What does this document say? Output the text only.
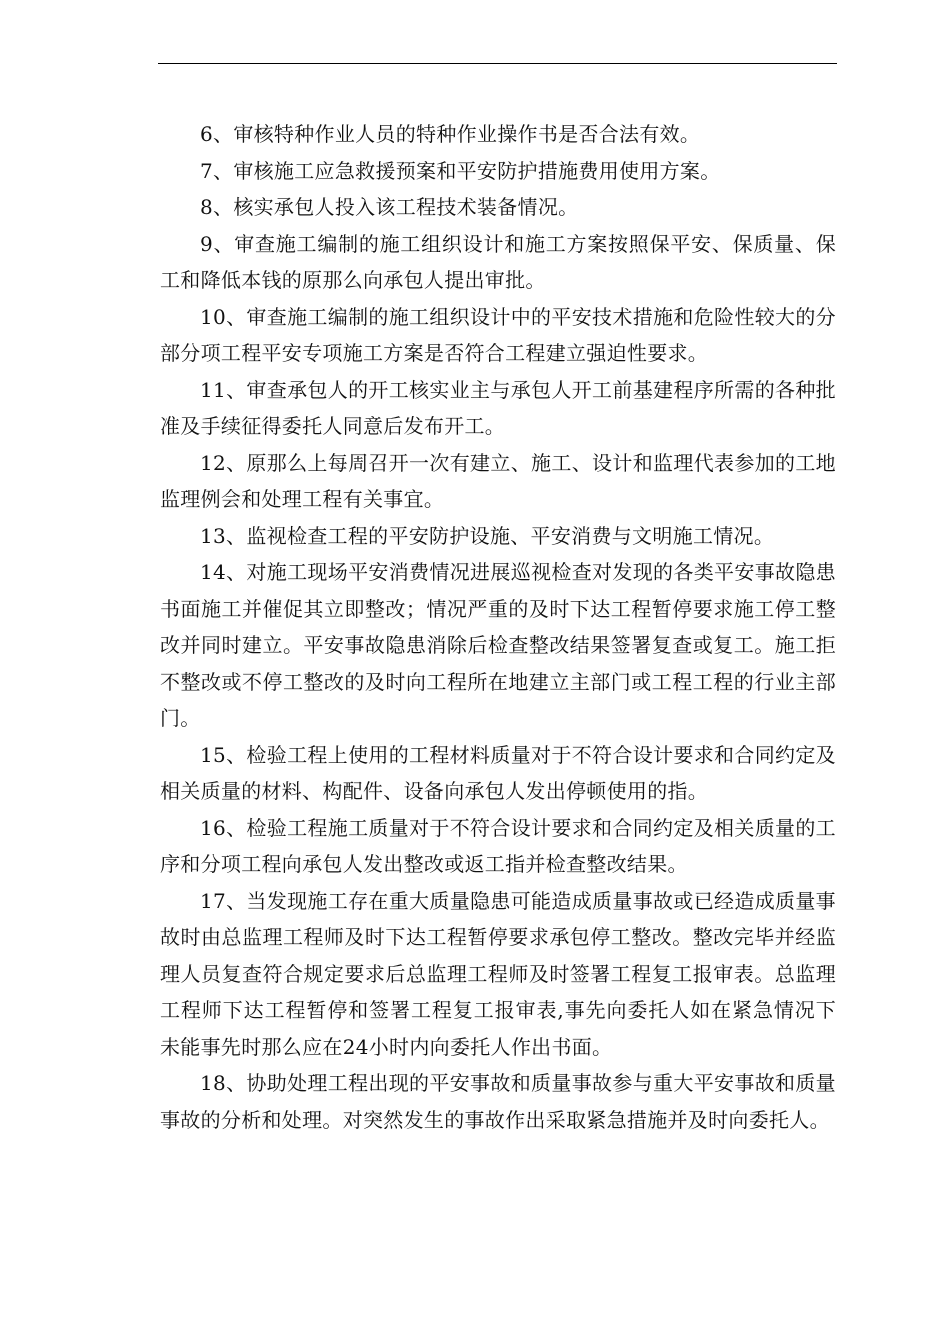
6、审核特种作业人员的特种作业操作书是否合法有效。

7、审核施工应急救援预案和平安防护措施费用使用方案。

8、核实承包人投入该工程技术装备情况。

9、审查施工编制的施工组织设计和施工方案按照保平安、保质量、保工和降低本钱的原那么向承包人提出审批。

10、审查施工编制的施工组织设计中的平安技术措施和危险性较大的分部分项工程平安专项施工方案是否符合工程建立强迫性要求。

11、审查承包人的开工核实业主与承包人开工前基建程序所需的各种批准及手续征得委托人同意后发布开工。

12、原那么上每周召开一次有建立、施工、设计和监理代表参加的工地监理例会和处理工程有关事宜。

13、监视检查工程的平安防护设施、平安消费与文明施工情况。

14、对施工现场平安消费情况进展巡视检查对发现的各类平安事故隐患书面施工并催促其立即整改；情况严重的及时下达工程暂停要求施工停工整改并同时建立。平安事故隐患消除后检查整改结果签署复查或复工。施工拒不整改或不停工整改的及时向工程所在地建立主部门或工程工程的行业主部门。

15、检验工程上使用的工程材料质量对于不符合设计要求和合同约定及相关质量的材料、构配件、设备向承包人发出停顿使用的指。

16、检验工程施工质量对于不符合设计要求和合同约定及相关质量的工序和分项工程向承包人发出整改或返工指并检查整改结果。

17、当发现施工存在重大质量隐患可能造成质量事故或已经造成质量事故时由总监理工程师及时下达工程暂停要求承包停工整改。整改完毕并经监理人员复查符合规定要求后总监理工程师及时签署工程复工报审表。总监理工程师下达工程暂停和签署工程复工报审表,事先向委托人如在紧急情况下未能事先时那么应在24小时内向委托人作出书面。

18、协助处理工程出现的平安事故和质量事故参与重大平安事故和质量事故的分析和处理。对突然发生的事故作出采取紧急措施并及时向委托人。
